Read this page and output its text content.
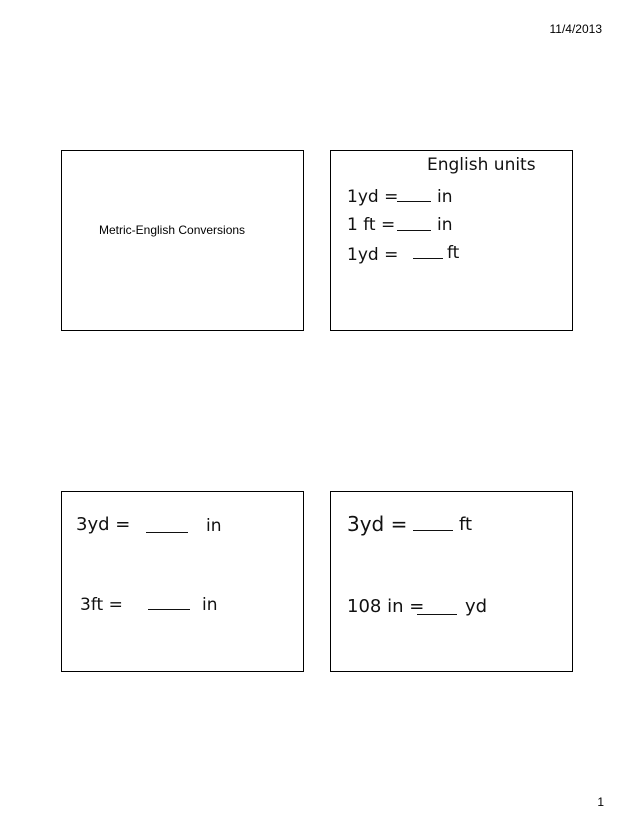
11/4/2013
Metric-English Conversions
English units
1yd = in
1 ft = in
1yd =	ft
3yd =	in
3ft =	in
3yd =	ft
108 in = yd
1
